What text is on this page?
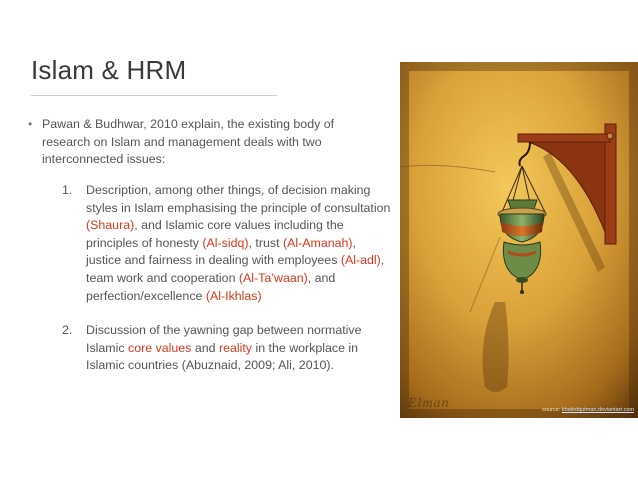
Islam & HRM
• Pawan & Budhwar, 2010 explain, the existing body of research on Islam and management deals with two interconnected issues:
1. Description, among other things, of decision making styles in Islam emphasising the principle of consultation (Shaura), and Islamic core values including the principles of honesty (Al-sidq), trust (Al-Amanah), justice and fairness in dealing with employees (Al-adl), team work and cooperation (Al-Ta’waan), and perfection/excellence (Al-Ikhlas)
2. Discussion of the yawning gap between normative Islamic core values and reality in the workplace in Islamic countries (Abuznaid, 2009; Ali, 2010).
Elman	source: khaledqutman.deviantart.com
